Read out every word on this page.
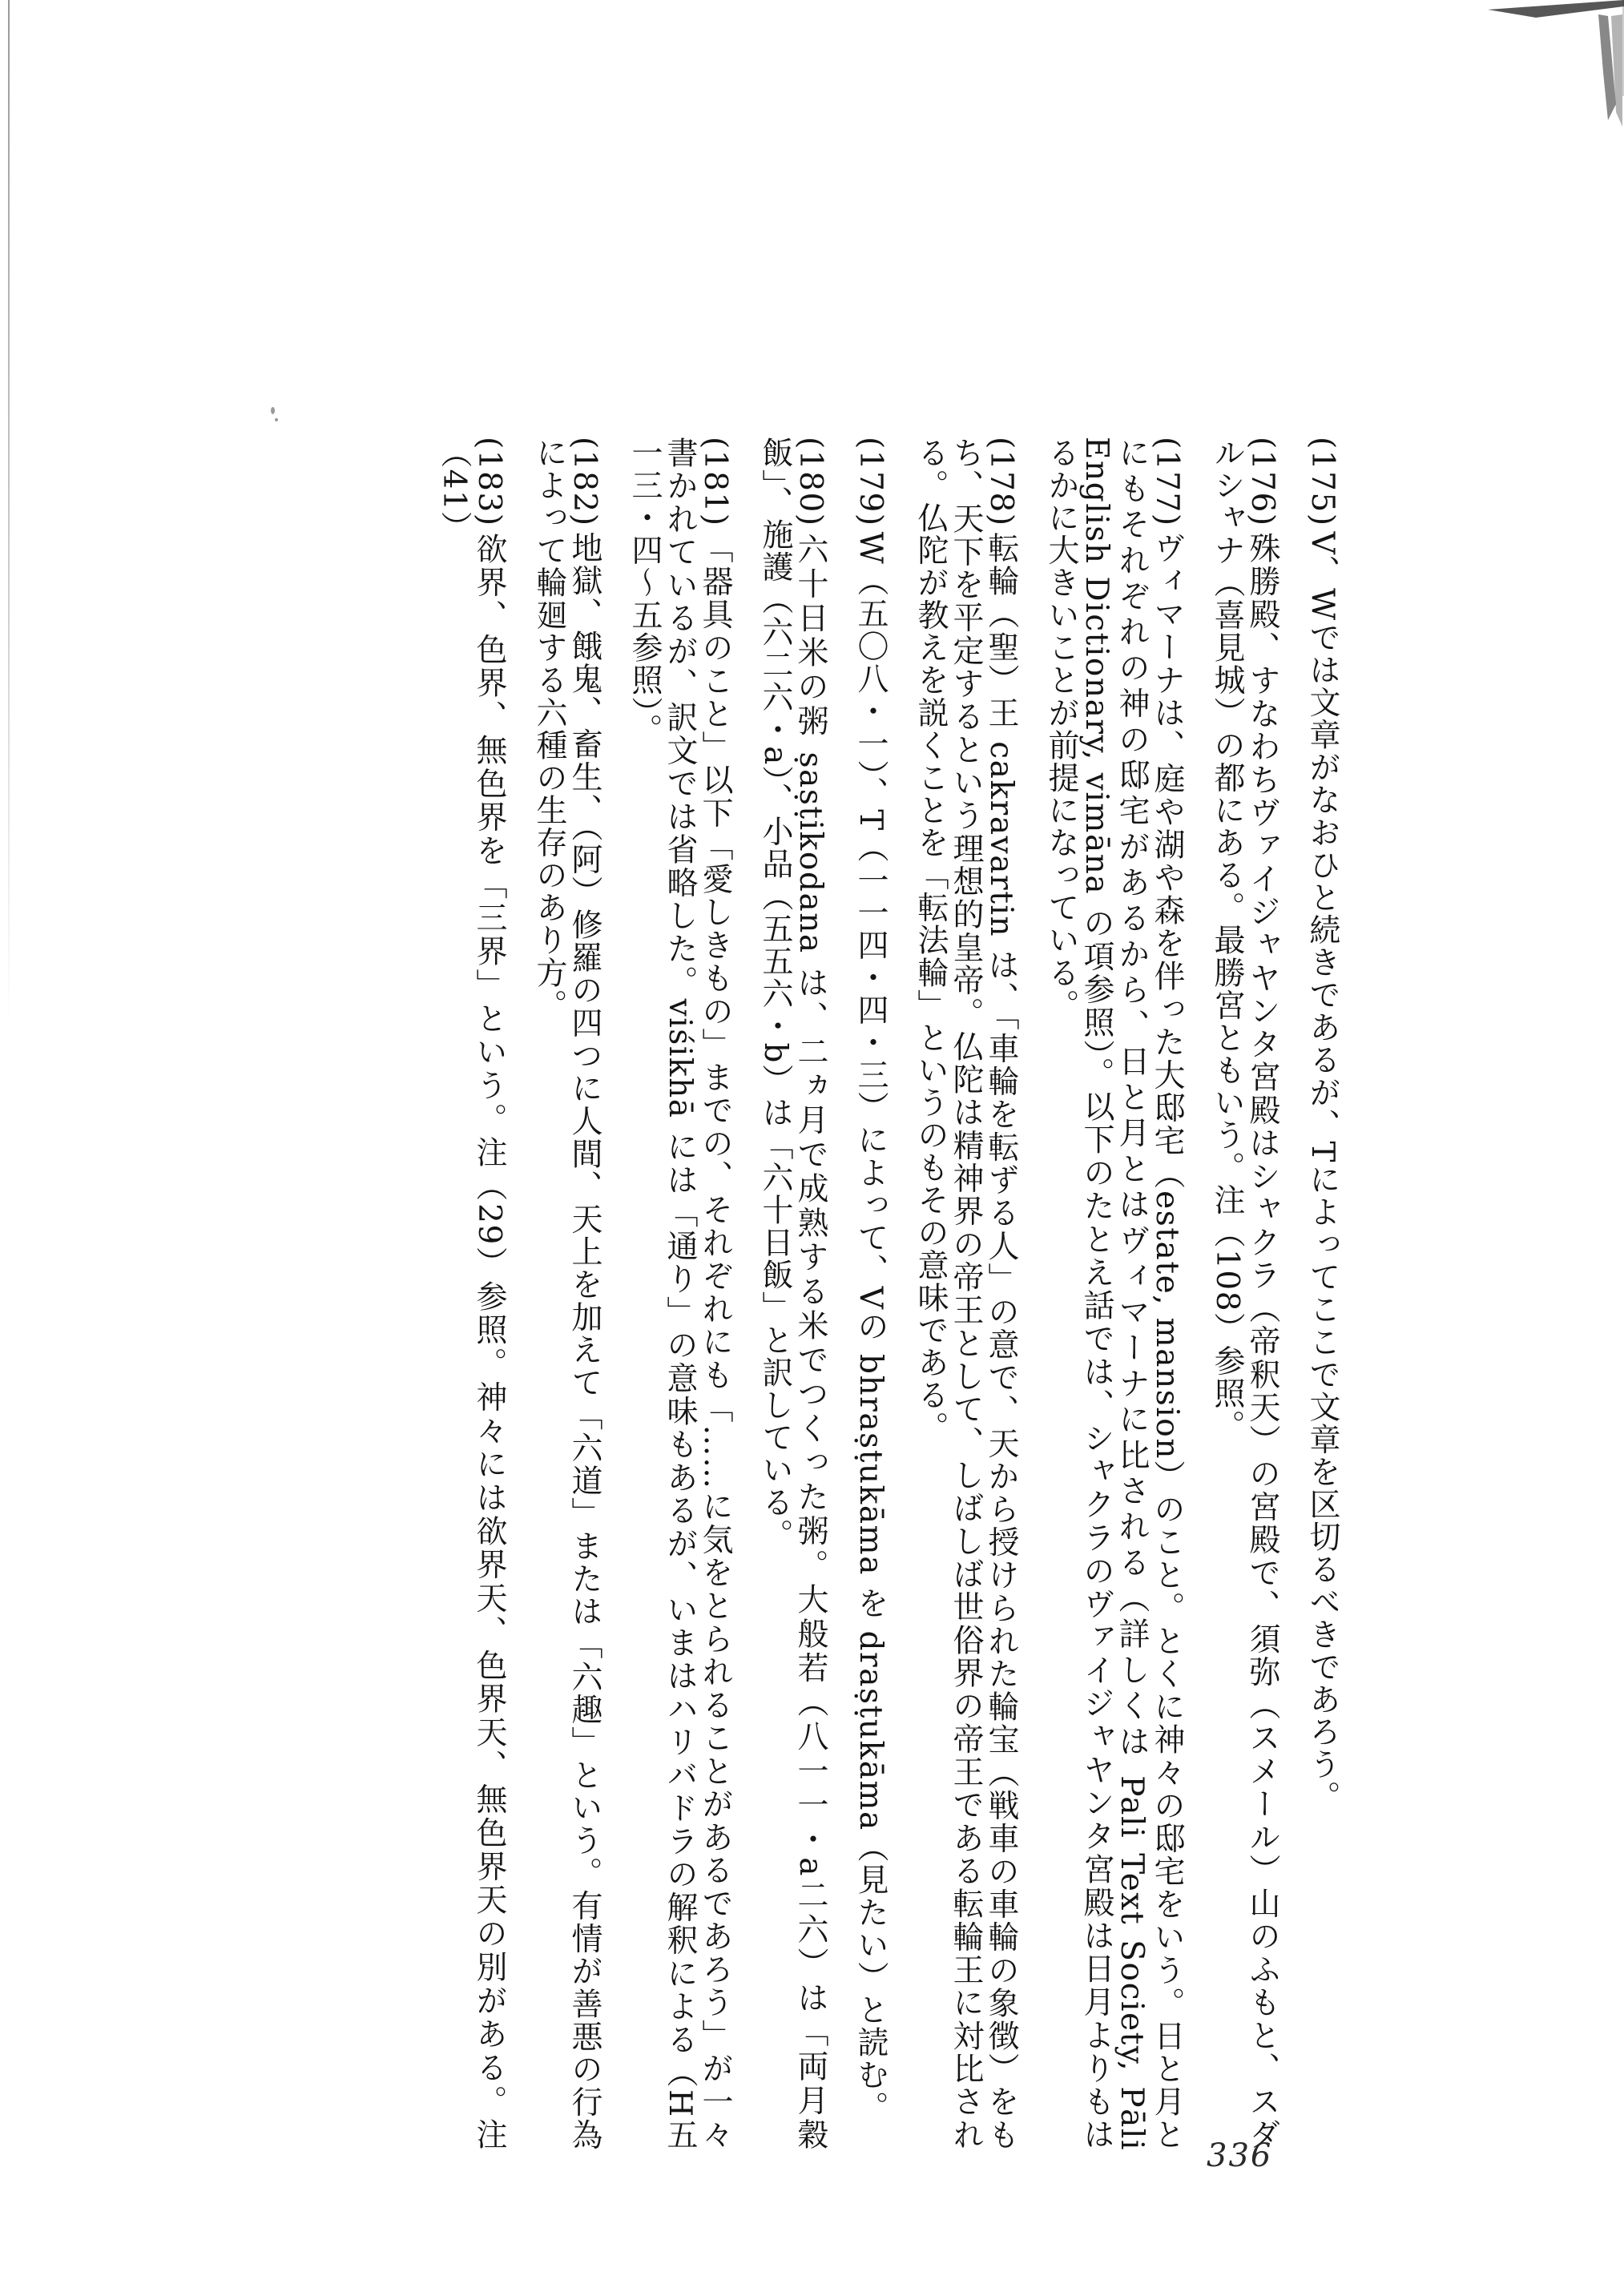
(175)V、Wでは文章がなおひと続きであるが、Tによってここで文章を区切るべきであろう。

(176)殊勝殿、すなわちヴァイジャヤンタ宮殿はシャクラ（帝釈天）の宮殿で、須弥（スメール）山のふもと、スダルシャナ（喜見城）の都にある。最勝宮ともいう。注（108）参照。

(177)ヴィマーナは、庭や湖や森を伴った大邸宅（estate, mansion）のこと。とくに神々の邸宅をいう。日と月とにもそれぞれの神の邸宅があるから、日と月とはヴィマーナに比される（詳しくは Pali Text Society, Pāli English Dictionary, vimāna の項参照）。以下のたとえ話では、シャクラのヴァイジャヤンタ宮殿は日月よりもはるかに大きいことが前提になっている。

(178)転輪（聖）王 cakravartin は、「車輪を転ずる人」の意で、天から授けられた輪宝（戦車の車輪の象徴）をもち、天下を平定するという理想的皇帝。仏陀は精神界の帝王として、しばしば世俗界の帝王である転輪王に対比される。仏陀が教えを説くことを「転法輪」というのもその意味である。

(179)W（五〇八・一）、T（一一四・四・三）によって、Vの bhraṣṭukāma を draṣṭukāma（見たい）と読む。

(180)六十日米の粥 ṣaṣṭikodana は、二ヵ月で成熟する米でつくった粥。大般若（八一一・a二六）は「両月穀飯」、施護（六二六・a）、小品（五五六・b）は「六十日飯」と訳している。

(181)「器具のこと」以下「愛しきもの」までの、それぞれにも「……に気をとられることがあるであろう」が一々書かれているが、訳文では省略した。viśikhā には「通り」の意味もあるが、いまはハリバドラの解釈による（H五一三・四〜五参照）。

(182)地獄、餓鬼、畜生、（阿）修羅の四つに人間、天上を加えて「六道」または「六趣」という。有情が善悪の行為によって輪廻する六種の生存のあり方。

(183)欲界、色界、無色界を「三界」という。注（29）参照。神々には欲界天、色界天、無色界天の別がある。注（41）

336
